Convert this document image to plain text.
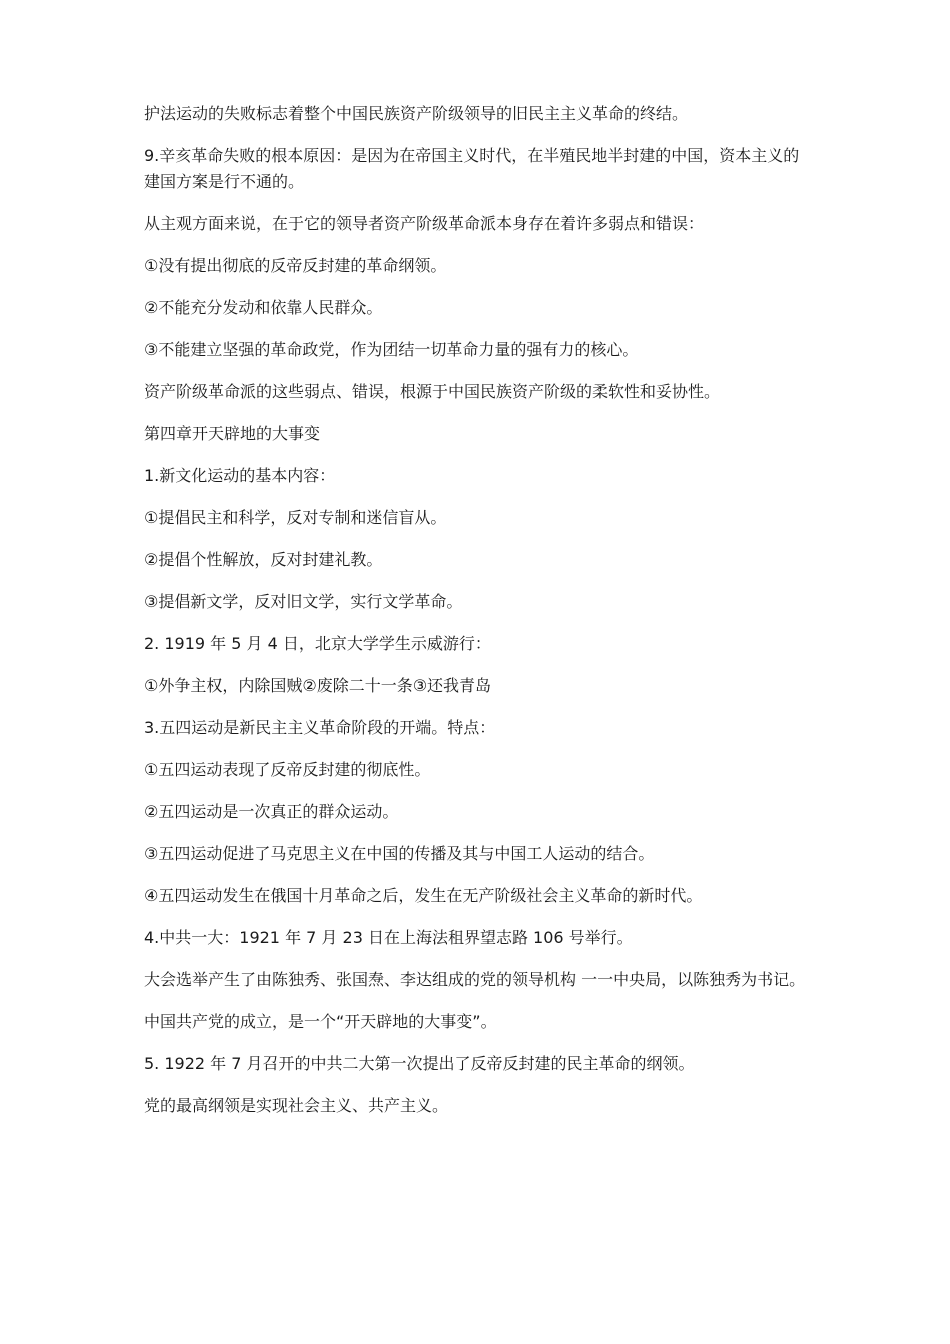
护法运动的失败标志着整个中国民族资产阶级领导的旧民主主义革命的终结。

9.辛亥革命失败的根本原因：是因为在帝国主义时代，在半殖民地半封建的中国，资本主义的建国方案是行不通的。

从主观方面来说，在于它的领导者资产阶级革命派本身存在着许多弱点和错误：

①没有提出彻底的反帝反封建的革命纲领。

②不能充分发动和依靠人民群众。

③不能建立坚强的革命政党，作为团结一切革命力量的强有力的核心。

资产阶级革命派的这些弱点、错误，根源于中国民族资产阶级的柔软性和妥协性。

第四章开天辟地的大事变

1.新文化运动的基本内容：

①提倡民主和科学，反对专制和迷信盲从。

②提倡个性解放，反对封建礼教。

③提倡新文学，反对旧文学，实行文学革命。

2. 1919 年 5 月 4 日，北京大学学生示威游行：

①外争主权，内除国贼②废除二十一条③还我青岛

3.五四运动是新民主主义革命阶段的开端。特点：

①五四运动表现了反帝反封建的彻底性。

②五四运动是一次真正的群众运动。

③五四运动促进了马克思主义在中国的传播及其与中国工人运动的结合。

④五四运动发生在俄国十月革命之后，发生在无产阶级社会主义革命的新时代。

4.中共一大：1921 年 7 月 23 日在上海法租界望志路 106 号举行。

大会选举产生了由陈独秀、张国焘、李达组成的党的领导机构 一一中央局，以陈独秀为书记。

中国共产党的成立，是一个“开天辟地的大事变”。

5. 1922 年 7 月召开的中共二大第一次提出了反帝反封建的民主革命的纲领。

党的最高纲领是实现社会主义、共产主义。
